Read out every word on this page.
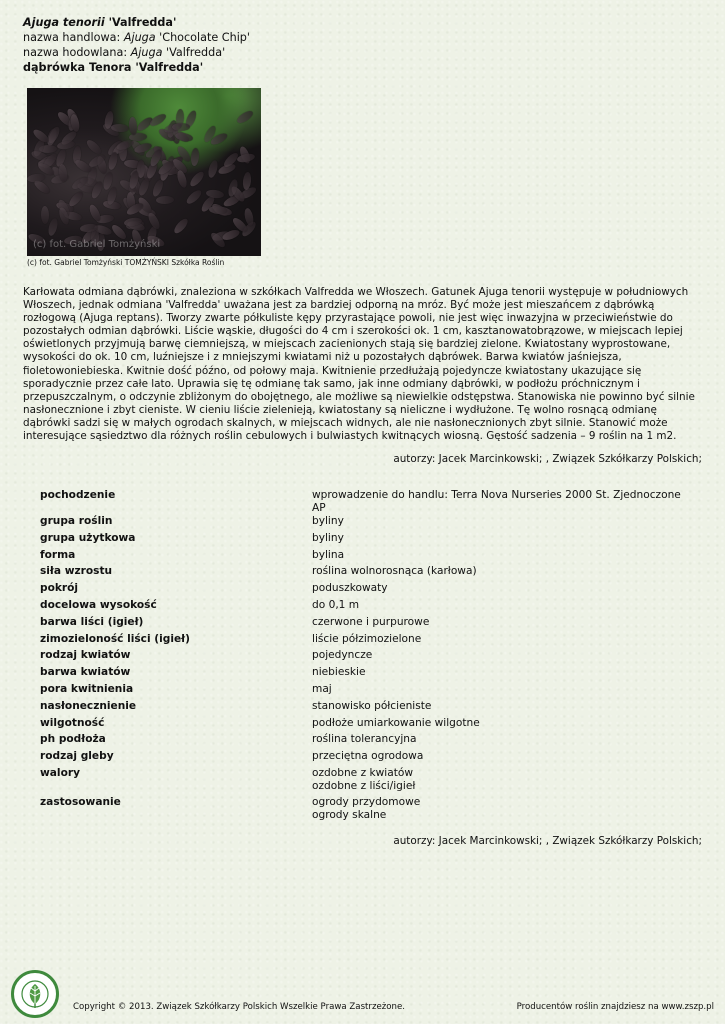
Ajuga tenorii 'Valfredda'
nazwa handlowa: Ajuga 'Chocolate Chip'
nazwa hodowlana: Ajuga 'Valfredda'
dąbrówka Tenora 'Valfredda'
(c) fot. Gabriel Tomżyński
(c) fot. Gabriel Tomżyński TOMŻYŃSKI Szkółka Roślin
Karłowata odmiana dąbrówki, znaleziona w szkółkach Valfredda we Włoszech. Gatunek Ajuga tenorii występuje w południowych Włoszech, jednak odmiana 'Valfredda' uważana jest za bardziej odporną na mróz. Być może jest mieszańcem z dąbrówką rozłogową (Ajuga reptans). Tworzy zwarte półkuliste kępy przyrastające powoli, nie jest więc inwazyjna w przeciwieństwie do pozostałych odmian dąbrówki. Liście wąskie, długości do 4 cm i szerokości ok. 1 cm, kasztanowatobrązowe, w miejscach lepiej oświetlonych przyjmują barwę ciemniejszą, w miejscach zacienionych stają się bardziej zielone. Kwiatostany wyprostowane, wysokości do ok. 10 cm, luźniejsze i z mniejszymi kwiatami niż u pozostałych dąbrówek. Barwa kwiatów jaśniejsza, fioletowoniebieska. Kwitnie dość późno, od połowy maja. Kwitnienie przedłużają pojedyncze kwiatostany ukazujące się sporadycznie przez całe lato. Uprawia się tę odmianę tak samo, jak inne odmiany dąbrówki, w podłożu próchnicznym i przepuszczalnym, o odczynie zbliżonym do obojętnego, ale możliwe są niewielkie odstępstwa. Stanowiska nie powinno być silnie nasłonecznione i zbyt cieniste. W cieniu liście zielenieją, kwiatostany są nieliczne i wydłużone. Tę wolno rosnącą odmianę dąbrówki sadzi się w małych ogrodach skalnych, w miejscach widnych, ale nie nasłonecznionych zbyt silnie. Stanowić może interesujące sąsiedztwo dla różnych roślin cebulowych i bulwiastych kwitnących wiosną. Gęstość sadzenia – 9 roślin na 1 m2.
autorzy: Jacek Marcinkowski; , Związek Szkółkarzy Polskich;
pochodzenie	wprowadzenie do handlu: Terra Nova Nurseries 2000 St. Zjednoczone AP

grupa roślin	byliny

grupa użytkowa	byliny

forma	bylina

siła wzrostu	roślina wolnorosnąca (karłowa)

pokrój	poduszkowaty

docelowa wysokość	do 0,1 m

barwa liści (igieł)	czerwone i purpurowe

zimozieloność liści (igieł)	liście półzimozielone

rodzaj kwiatów	pojedyncze

barwa kwiatów	niebieskie

pora kwitnienia	maj

nasłonecznienie	stanowisko półcieniste

wilgotność	podłoże umiarkowanie wilgotne

ph podłoża	roślina tolerancyjna

rodzaj gleby	przeciętna ogrodowa

walory	ozdobne z kwiatów
ozdobne z liści/igieł

zastosowanie	ogrody przydomowe
ogrody skalne
autorzy: Jacek Marcinkowski; , Związek Szkółkarzy Polskich;
Copyright © 2013. Związek Szkółkarzy Polskich Wszelkie Prawa Zastrzeżone.	Producentów roślin znajdziesz na www.zszp.pl
